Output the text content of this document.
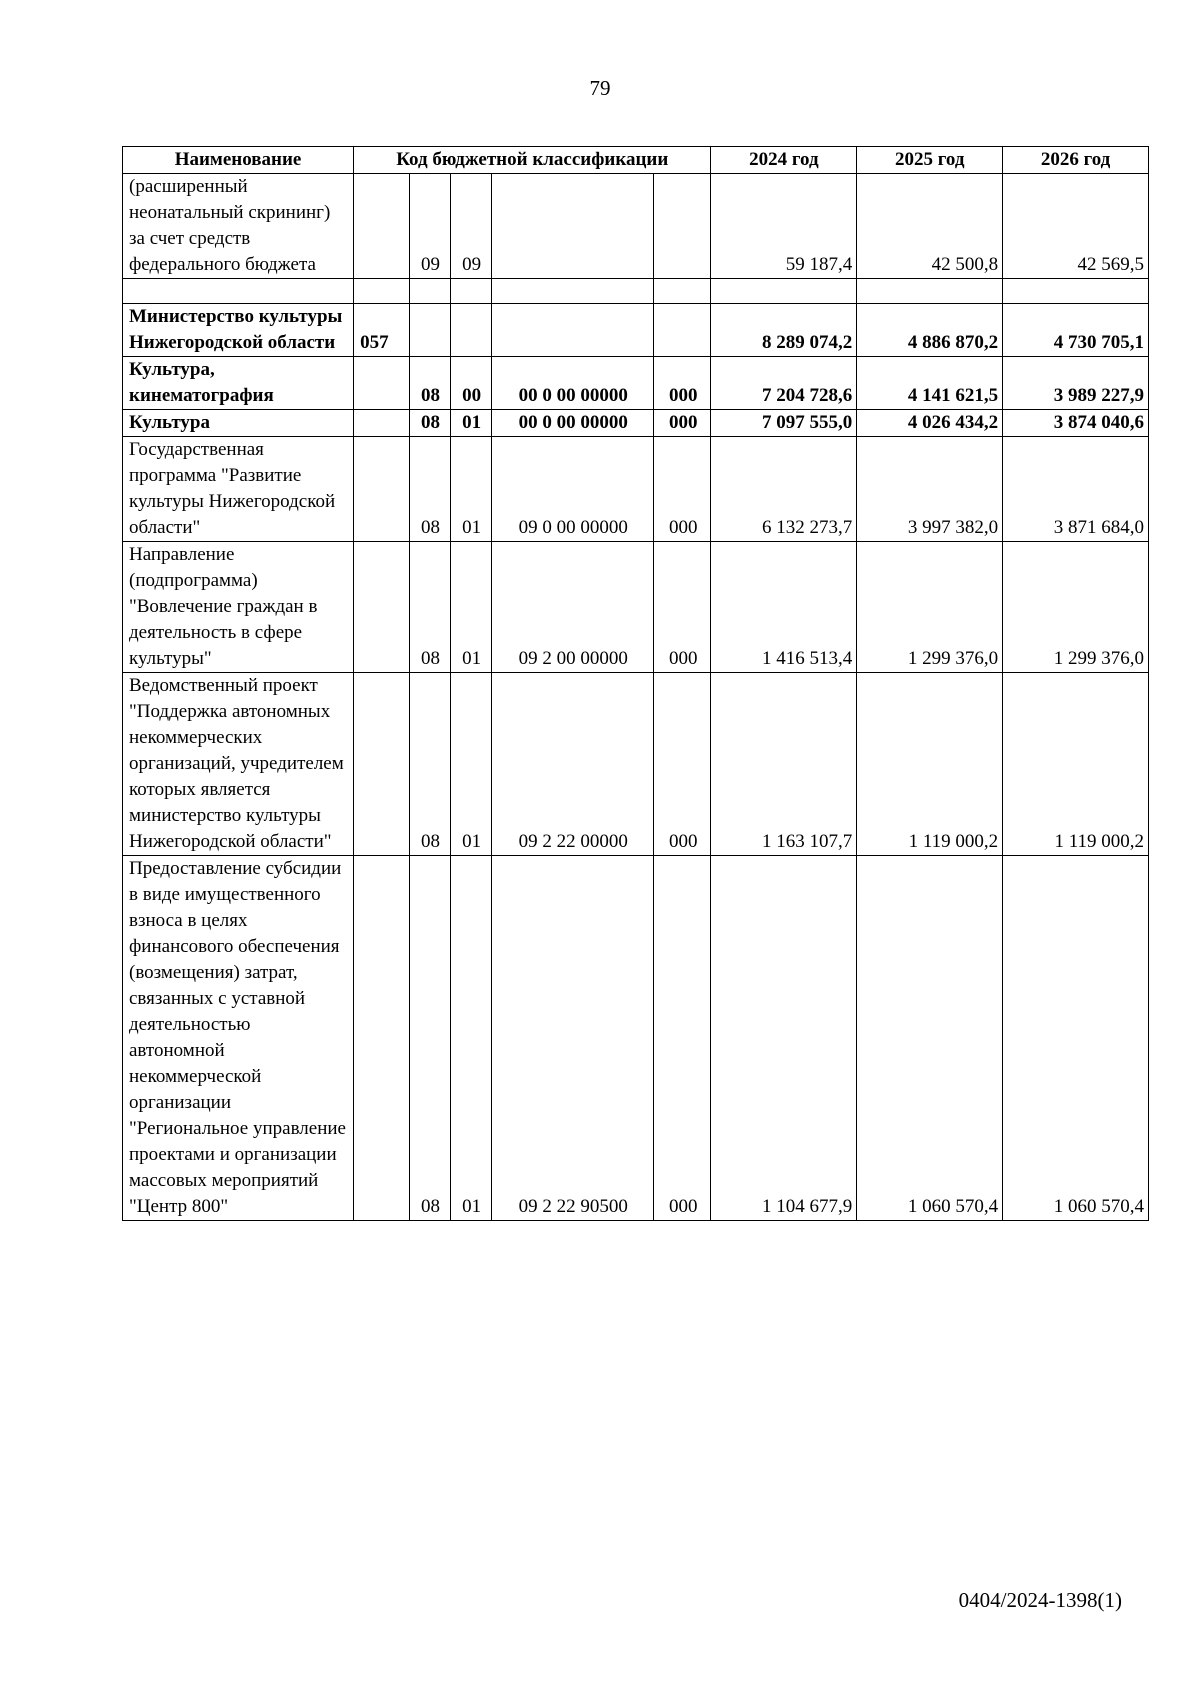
79
Наименование	Код бюджетной классификации					2024 год	2025 год	2026 год
(расширенный неонатальный скрининг) за счет средств федерального бюджета		09	09			59 187,4	42 500,8	42 569,5

Министерство культуры Нижегородской области	057					8 289 074,2	4 886 870,2	4 730 705,1
Культура, кинематография		08	00	00 0 00 00000	000	7 204 728,6	4 141 621,5	3 989 227,9
Культура		08	01	00 0 00 00000	000	7 097 555,0	4 026 434,2	3 874 040,6
Государственная программа "Развитие культуры Нижегородской области"		08	01	09 0 00 00000	000	6 132 273,7	3 997 382,0	3 871 684,0
Направление (подпрограмма) "Вовлечение граждан в деятельность в сфере культуры"		08	01	09 2 00 00000	000	1 416 513,4	1 299 376,0	1 299 376,0
Ведомственный проект "Поддержка автономных некоммерческих организаций, учредителем которых является министерство культуры Нижегородской области"		08	01	09 2 22 00000	000	1 163 107,7	1 119 000,2	1 119 000,2
Предоставление субсидии в виде имущественного взноса в целях финансового обеспечения (возмещения) затрат, связанных с уставной деятельностью автономной некоммерческой организации "Региональное управление проектами и организации массовых мероприятий "Центр 800"		08	01	09 2 22 90500	000	1 104 677,9	1 060 570,4	1 060 570,4
0404/2024-1398(1)
